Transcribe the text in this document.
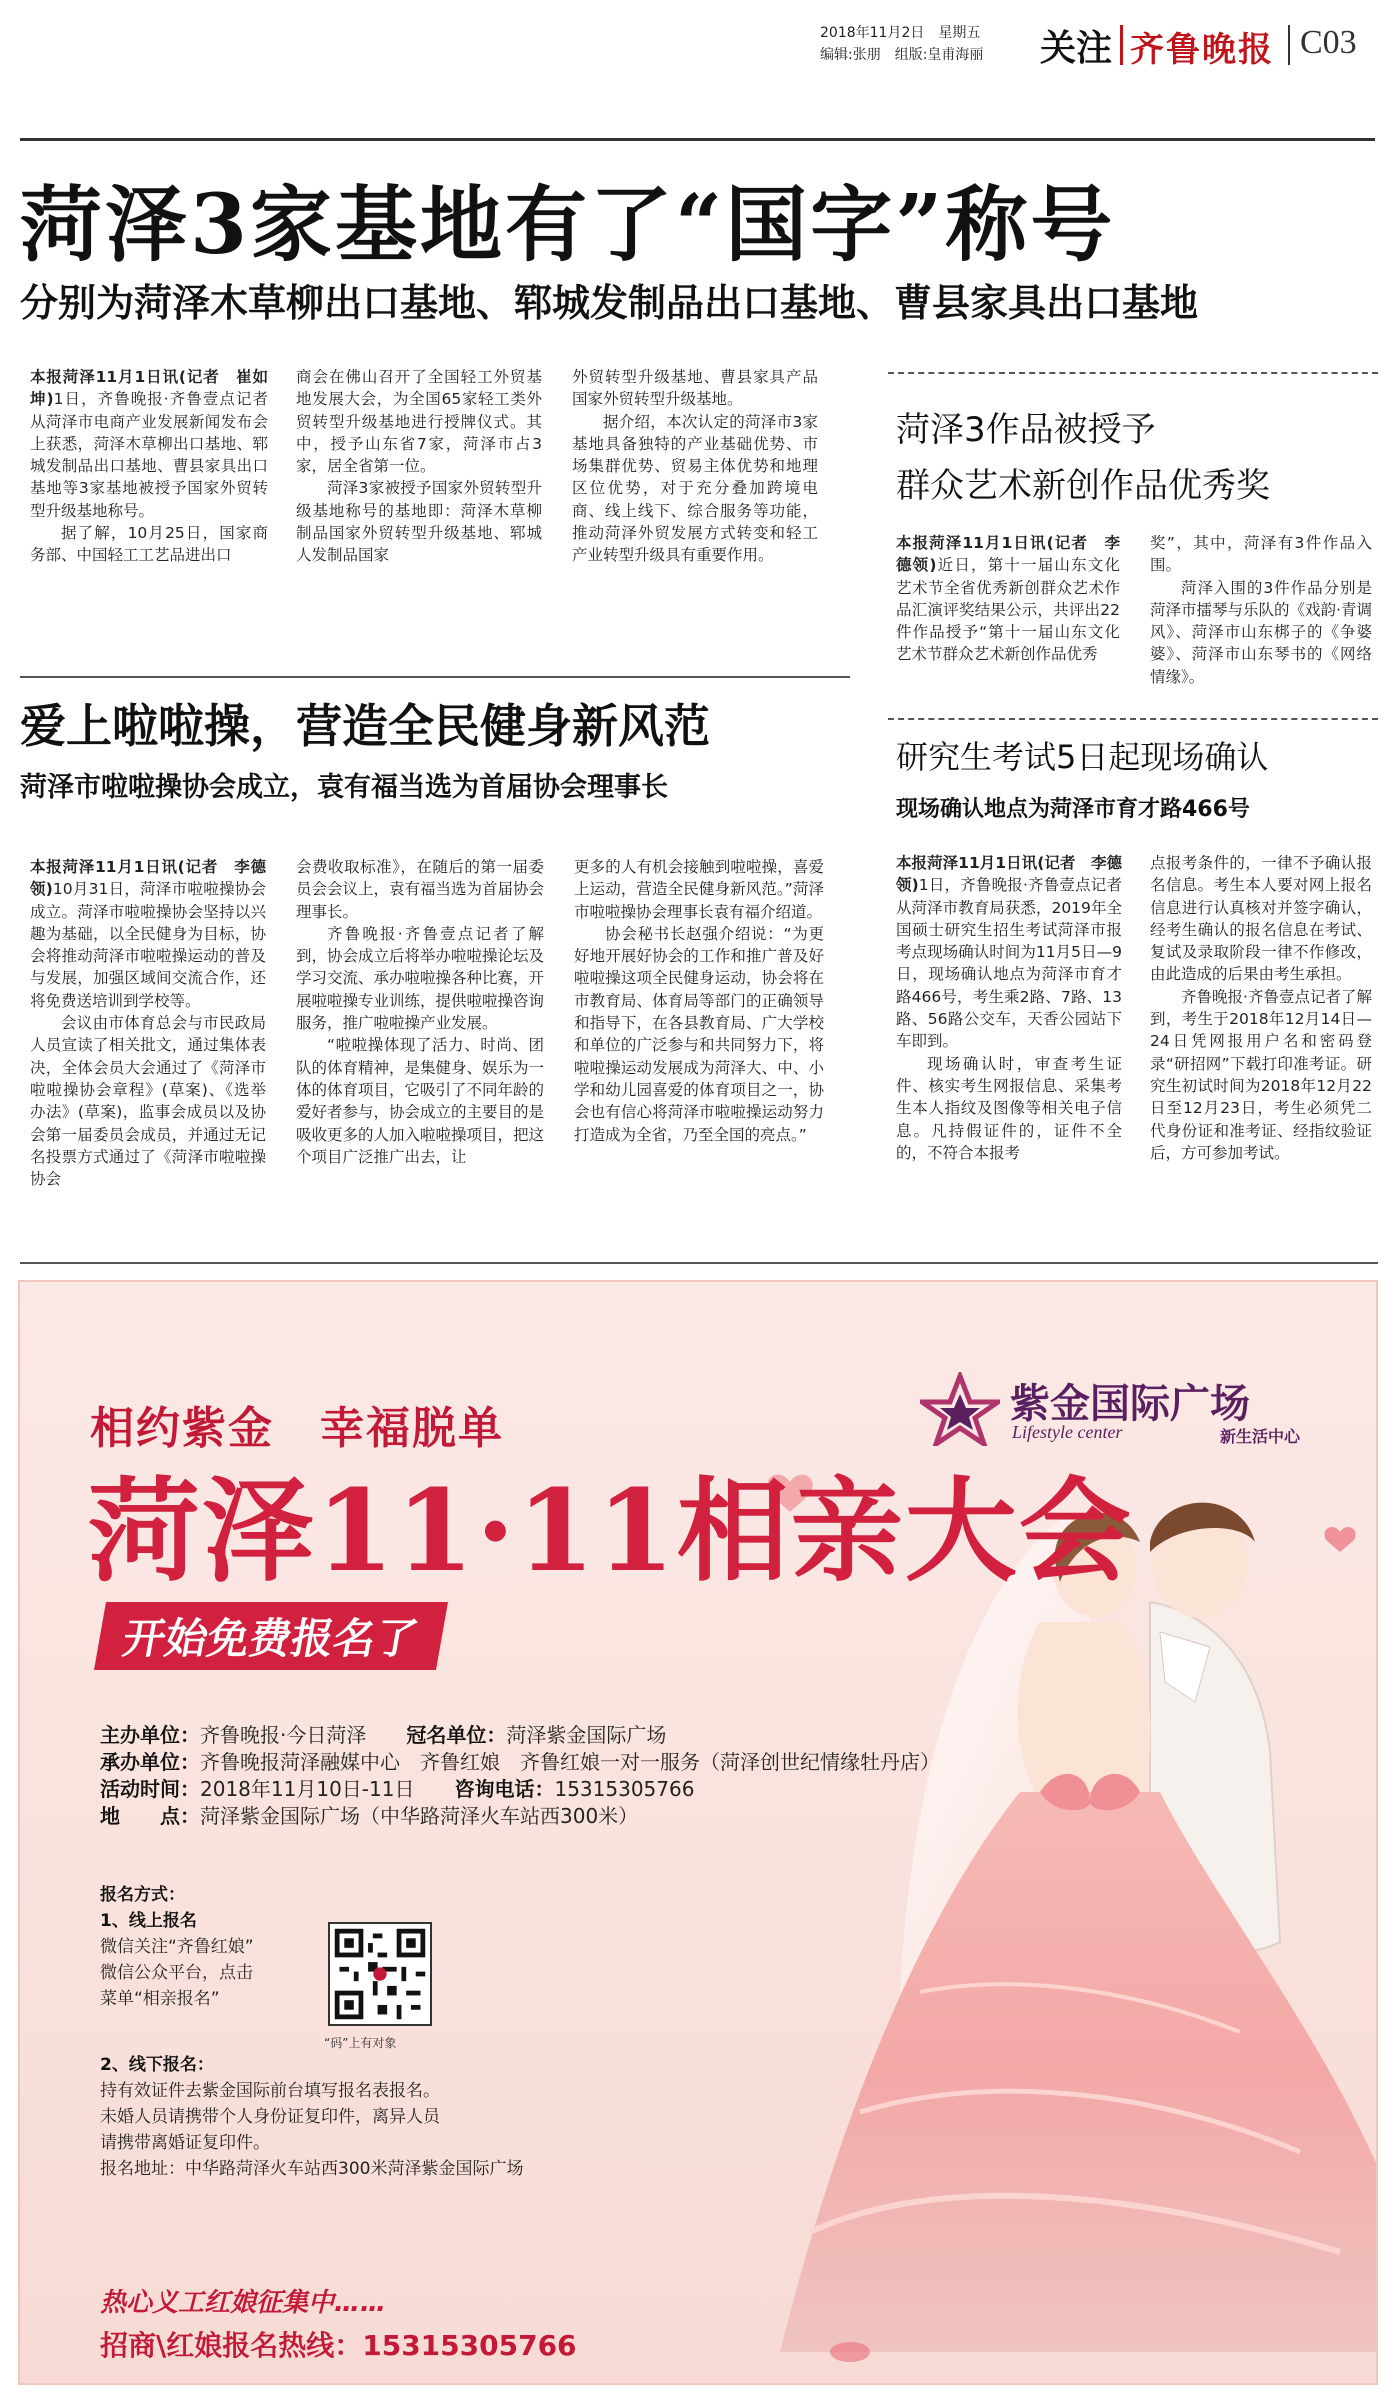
2018年11月2日　星期五
编辑:张朋　组版:皇甫海丽 关注 齐鲁晚报 C03
菏泽3家基地有了“国字”称号
分别为菏泽木草柳出口基地、郓城发制品出口基地、曹县家具出口基地

本报菏泽11月1日讯(记者　崔如坤)1日，齐鲁晚报·齐鲁壹点记者从菏泽市电商产业发展新闻发布会上获悉，菏泽木草柳出口基地、郓城发制品出口基地、曹县家具出口基地等3家基地被授予国家外贸转型升级基地称号。

据了解，10月25日，国家商务部、中国轻工工艺品进出口

商会在佛山召开了全国轻工外贸基地发展大会，为全国65家轻工类外贸转型升级基地进行授牌仪式。其中，授予山东省7家，菏泽市占3家，居全省第一位。

菏泽3家被授予国家外贸转型升级基地称号的基地即：菏泽木草柳制品国家外贸转型升级基地、郓城人发制品国家

外贸转型升级基地、曹县家具产品国家外贸转型升级基地。

据介绍，本次认定的菏泽市3家基地具备独特的产业基础优势、市场集群优势、贸易主体优势和地理区位优势，对于充分叠加跨境电商、线上线下、综合服务等功能，推动菏泽外贸发展方式转变和轻工产业转型升级具有重要作用。

菏泽3作品被授予
群众艺术新创作品优秀奖

本报菏泽11月1日讯(记者　李德领)近日，第十一届山东文化艺术节全省优秀新创群众艺术作品汇演评奖结果公示，共评出22件作品授予“第十一届山东文化艺术节群众艺术新创作品优秀

奖”，其中，菏泽有3件作品入围。

菏泽入围的3件作品分别是菏泽市擂琴与乐队的《戏韵·青调风》、菏泽市山东梆子的《争婆婆》、菏泽市山东琴书的《网络情缘》。

爱上啦啦操，营造全民健身新风范
菏泽市啦啦操协会成立，袁有福当选为首届协会理事长

本报菏泽11月1日讯(记者　李德领)10月31日，菏泽市啦啦操协会成立。菏泽市啦啦操协会坚持以兴趣为基础，以全民健身为目标，协会将推动菏泽市啦啦操运动的普及与发展，加强区域间交流合作，还将免费送培训到学校等。

会议由市体育总会与市民政局人员宣读了相关批文，通过集体表决，全体会员大会通过了《菏泽市啦啦操协会章程》(草案)、《选举办法》(草案)，监事会成员以及协会第一届委员会成员，并通过无记名投票方式通过了《菏泽市啦啦操协会

会费收取标准》，在随后的第一届委员会会议上，袁有福当选为首届协会理事长。

齐鲁晚报·齐鲁壹点记者了解到，协会成立后将举办啦啦操论坛及学习交流、承办啦啦操各种比赛，开展啦啦操专业训练，提供啦啦操咨询服务，推广啦啦操产业发展。

“啦啦操体现了活力、时尚、团队的体育精神，是集健身、娱乐为一体的体育项目，它吸引了不同年龄的爱好者参与，协会成立的主要目的是吸收更多的人加入啦啦操项目，把这个项目广泛推广出去，让

更多的人有机会接触到啦啦操，喜爱上运动，营造全民健身新风范。”菏泽市啦啦操协会理事长袁有福介绍道。

协会秘书长赵强介绍说：“为更好地开展好协会的工作和推广普及好啦啦操这项全民健身运动，协会将在市教育局、体育局等部门的正确领导和指导下，在各县教育局、广大学校和单位的广泛参与和共同努力下，将啦啦操运动发展成为菏泽大、中、小学和幼儿园喜爱的体育项目之一，协会也有信心将菏泽市啦啦操运动努力打造成为全省，乃至全国的亮点。”

研究生考试5日起现场确认
现场确认地点为菏泽市育才路466号

本报菏泽11月1日讯(记者　李德领)1日，齐鲁晚报·齐鲁壹点记者从菏泽市教育局获悉，2019年全国硕士研究生招生考试菏泽市报考点现场确认时间为11月5日—9日，现场确认地点为菏泽市育才路466号，考生乘2路、7路、13路、56路公交车，天香公园站下车即到。

现场确认时，审查考生证件、核实考生网报信息、采集考生本人指纹及图像等相关电子信息。凡持假证件的，证件不全的，不符合本报考

点报考条件的，一律不予确认报名信息。考生本人要对网上报名信息进行认真核对并签字确认，经考生确认的报名信息在考试、复试及录取阶段一律不作修改，由此造成的后果由考生承担。

齐鲁晚报·齐鲁壹点记者了解到，考生于2018年12月14日—24日凭网报用户名和密码登录“研招网”下载打印准考证。研究生初试时间为2018年12月22日至12月23日，考生必须凭二代身份证和准考证、经指纹验证后，方可参加考试。

紫金国际广场
Lifestyle center	新生活中心
相约紫金　幸福脱单
菏泽11·11相亲大会
开始免费报名了
主办单位：齐鲁晚报·今日菏泽 冠名单位：菏泽紫金国际广场
承办单位：齐鲁晚报菏泽融媒中心　齐鲁红娘　齐鲁红娘一对一服务（菏泽创世纪情缘牡丹店）
活动时间：2018年11月10日-11日 咨询电话：15315305766
地　　点：菏泽紫金国际广场（中华路菏泽火车站西300米）
报名方式：
1、线上报名
微信关注“齐鲁红娘”
微信公众平台，点击
菜单“相亲报名”
2、线下报名：
持有效证件去紫金国际前台填写报名表报名。
未婚人员请携带个人身份证复印件，离异人员
请携带离婚证复印件。
报名地址：中华路菏泽火车站西300米菏泽紫金国际广场
“码”上有对象
热心义工红娘征集中……
招商\红娘报名热线：15315305766
